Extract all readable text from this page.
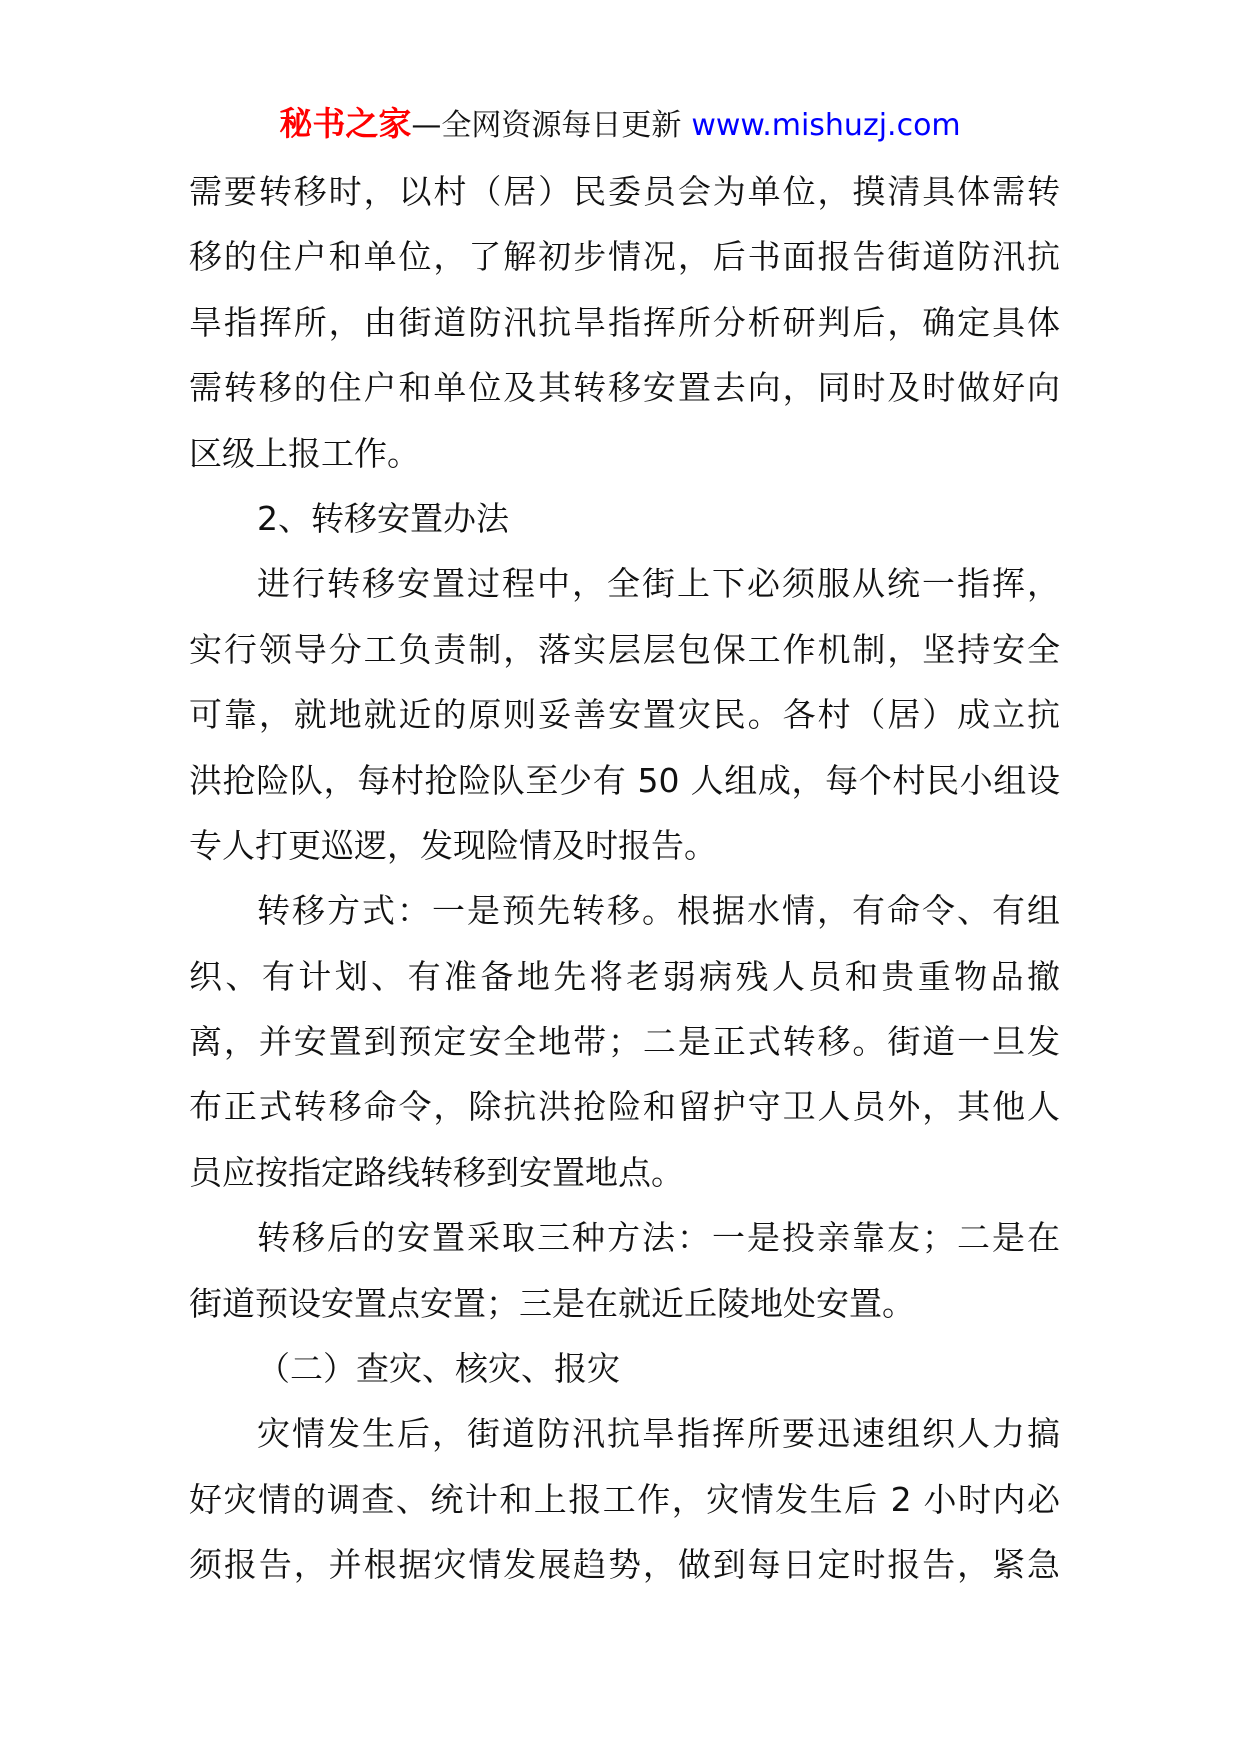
秘书之家—全网资源每日更新 www.mishuzj.com
需要转移时，以村（居）民委员会为单位，摸清具体需转
移的住户和单位，了解初步情况，后书面报告街道防汛抗
旱指挥所，由街道防汛抗旱指挥所分析研判后，确定具体
需转移的住户和单位及其转移安置去向，同时及时做好向
区级上报工作。
2、转移安置办法
进行转移安置过程中，全街上下必须服从统一指挥，
实行领导分工负责制，落实层层包保工作机制，坚持安全
可靠，就地就近的原则妥善安置灾民。各村（居）成立抗
洪抢险队，每村抢险队至少有 50 人组成，每个村民小组设
专人打更巡逻，发现险情及时报告。
转移方式：一是预先转移。根据水情，有命令、有组
织、有计划、有准备地先将老弱病残人员和贵重物品撤
离，并安置到预定安全地带；二是正式转移。街道一旦发
布正式转移命令，除抗洪抢险和留护守卫人员外，其他人
员应按指定路线转移到安置地点。
转移后的安置采取三种方法：一是投亲靠友；二是在
街道预设安置点安置；三是在就近丘陵地处安置。
（二）查灾、核灾、报灾
灾情发生后，街道防汛抗旱指挥所要迅速组织人力搞
好灾情的调查、统计和上报工作，灾情发生后 2 小时内必
须报告，并根据灾情发展趋势，做到每日定时报告，紧急
